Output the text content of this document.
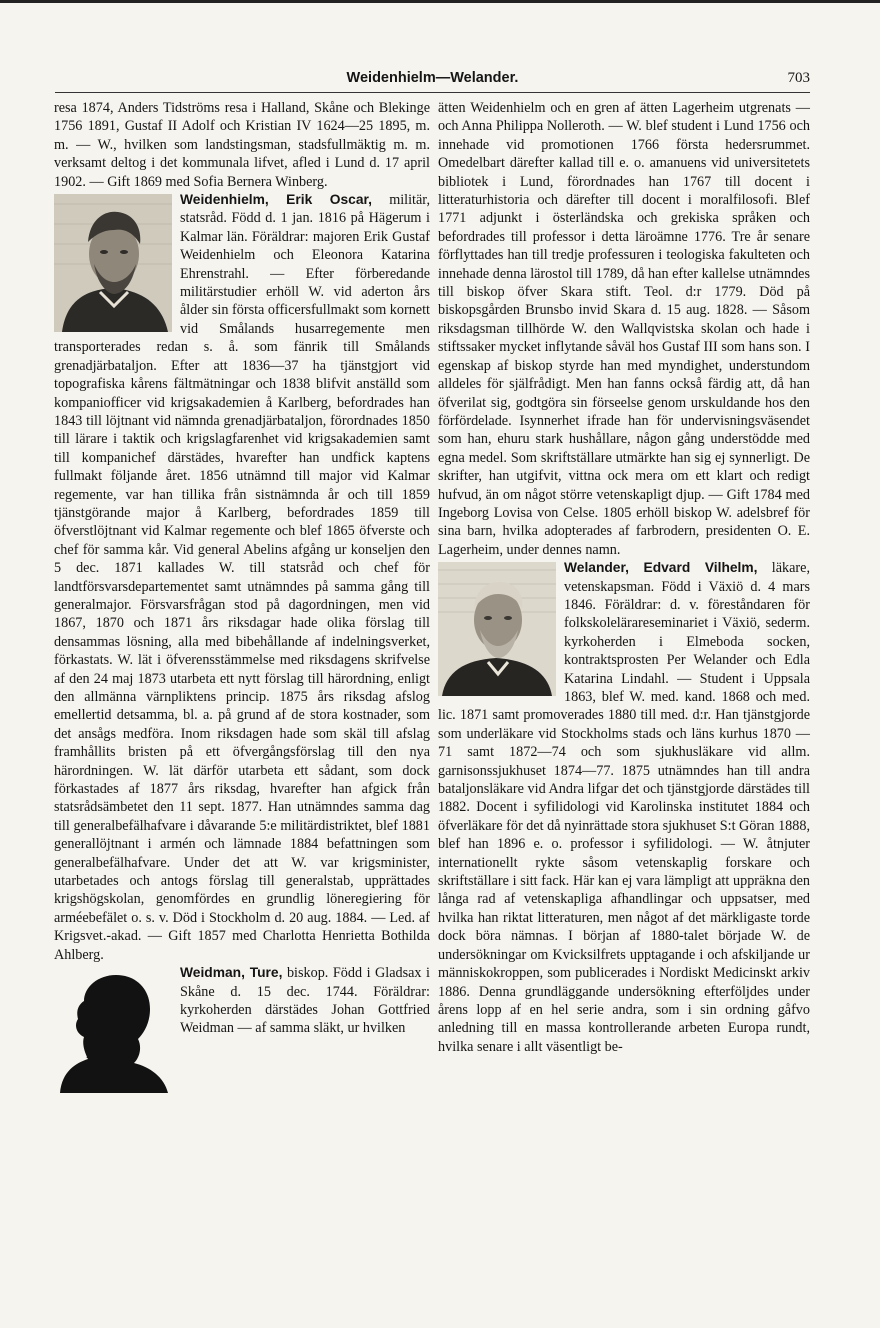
Weidenhielm—Welander.	703

resa 1874, Anders Tidströms resa i Halland, Skåne och Blekinge 1756 1891, Gustaf II Adolf och Kristian IV 1624—25 1895, m. m. — W., hvilken som landstingsman, stadsfullmäktig m. m. verksamt deltog i det kommunala lifvet, afled i Lund d. 17 april 1902. — Gift 1869 med Sofia Bernera Winberg.

Weidenhielm, Erik Oscar, militär, statsråd. Född d. 1 jan. 1816 på Hägerum i Kalmar län. Föräldrar: majoren Erik Gustaf Weidenhielm och Eleonora Katarina Ehrenstrahl. — Efter förberedande militärstudier erhöll W. vid aderton års ålder sin första officersfullmakt som kornett vid Smålands husarregemente men transporterades redan s. å. som fänrik till Smålands grenadjärbataljon. Efter att 1836—37 ha tjänstgjort vid topografiska kårens fältmätningar och 1838 blifvit anställd som kompaniofficer vid krigsakademien å Karlberg, befordrades han 1843 till löjtnant vid nämnda grenadjärbataljon, förordnades 1850 till lärare i taktik och krigslagfarenhet vid krigsakademien samt till kompanichef därstädes, hvarefter han undfick kaptens fullmakt följande året. 1856 utnämnd till major vid Kalmar regemente, var han tillika från sistnämnda år och till 1859 tjänstgörande major å Karlberg, befordrades 1859 till öfverstlöjtnant vid Kalmar regemente och blef 1865 öfverste och chef för samma kår. Vid general Abelins afgång ur konseljen den 5 dec. 1871 kallades W. till statsråd och chef för landtförsvarsdepartementet samt utnämndes på samma gång till generalmajor. Försvarsfrågan stod på dagordningen, men vid 1867, 1870 och 1871 års riksdagar hade olika förslag till densammas lösning, alla med bibehållande af indelningsverket, förkastats. W. lät i öfverensstämmelse med riksdagens skrifvelse af den 24 maj 1873 utarbeta ett nytt förslag till härordning, enligt den allmänna värnpliktens princip. 1875 års riksdag afslog emellertid detsamma, bl. a. på grund af de stora kostnader, som det ansågs medföra. Inom riksdagen hade som skäl till afslag framhållits bristen på ett öfvergångsförslag till den nya härordningen. W. lät därför utarbeta ett sådant, som dock förkastades af 1877 års riksdag, hvarefter han afgick från statsrådsämbetet den 11 sept. 1877. Han utnämndes samma dag till generalbefälhafvare i dåvarande 5:e militärdistriktet, blef 1881 generallöjtnant i armén och lämnade 1884 befattningen som generalbefälhafvare. Under det att W. var krigsminister, utarbetades och antogs förslag till generalstab, upprättades krigshögskolan, genomfördes en grundlig löneregiering för arméebefälet o. s. v. Död i Stockholm d. 20 aug. 1884. — Led. af Krigsvet.-akad. — Gift 1857 med Charlotta Henrietta Bothilda Ahlberg.

Weidman, Ture, biskop. Född i Gladsax i Skåne d. 15 dec. 1744. Föräldrar: kyrkoherden därstädes Johan Gottfried Weidman — af samma släkt, ur hvilken

ätten Weidenhielm och en gren af ätten Lagerheim utgrenats — och Anna Philippa Nolleroth. — W. blef student i Lund 1756 och innehade vid promotionen 1766 första hedersrummet. Omedelbart därefter kallad till e. o. amanuens vid universitetets bibliotek i Lund, förordnades han 1767 till docent i litteraturhistoria och därefter till docent i moralfilosofi. Blef 1771 adjunkt i österländska och grekiska språken och befordrades till professor i detta läroämne 1776. Tre år senare förflyttades han till tredje professuren i teologiska fakulteten och innehade denna lärostol till 1789, då han efter kallelse utnämndes till biskop öfver Skara stift. Teol. d:r 1779. Död på biskopsgården Brunsbo invid Skara d. 15 aug. 1828. — Såsom riksdagsman tillhörde W. den Wallqvistska skolan och hade i stiftssaker mycket inflytande såväl hos Gustaf III som hans son. I egenskap af biskop styrde han med myndighet, understundom alldeles för själfrådigt. Men han fanns också färdig att, då han öfverilat sig, godtgöra sin förseelse genom urskuldande hos den förfördelade. Isynnerhet ifrade han för undervisningsväsendet som han, ehuru stark hushållare, någon gång understödde med egna medel. Som skriftställare utmärkte han sig ej synnerligt. De skrifter, han utgifvit, vittna ock mera om ett klart och redigt hufvud, än om något större vetenskapligt djup. — Gift 1784 med Ingeborg Lovisa von Celse. 1805 erhöll biskop W. adelsbref för sina barn, hvilka adopterades af farbrodern, presidenten O. E. Lagerheim, under dennes namn.

Welander, Edvard Vilhelm, läkare, vetenskapsman. Född i Växiö d. 4 mars 1846. Föräldrar: d. v. föreståndaren för folkskolelärareseminariet i Växiö, sederm. kyrkoherden i Elmeboda socken, kontraktsprosten Per Welander och Edla Katarina Lindahl. — Student i Uppsala 1863, blef W. med. kand. 1868 och med. lic. 1871 samt promoverades 1880 till med. d:r. Han tjänstgjorde som underläkare vid Stockholms stads och läns kurhus 1870 —71 samt 1872—74 och som sjukhusläkare vid allm. garnisonssjukhuset 1874—77. 1875 utnämndes han till andra bataljonsläkare vid Andra lifgar det och tjänstgjorde därstädes till 1882. Docent i syfilidologi vid Karolinska institutet 1884 och öfverläkare för det då nyinrättade stora sjukhuset S:t Göran 1888, blef han 1896 e. o. professor i syfilidologi. — W. åtnjuter internationellt rykte såsom vetenskaplig forskare och skriftställare i sitt fack. Här kan ej vara lämpligt att uppräkna den långa rad af vetenskapliga afhandlingar och uppsatser, med hvilka han riktat litteraturen, men något af det märkligaste torde dock böra nämnas. I början af 1880-talet började W. de undersökningar om Kvicksilfrets upptagande i och afskiljande ur människokroppen, som publicerades i Nordiskt Medicinskt arkiv 1886. Denna grundläggande undersökning efterföljdes under årens lopp af en hel serie andra, som i sin ordning gåfvo anledning till en massa kontrollerande arbeten Europa rundt, hvilka senare i allt väsentligt be-
